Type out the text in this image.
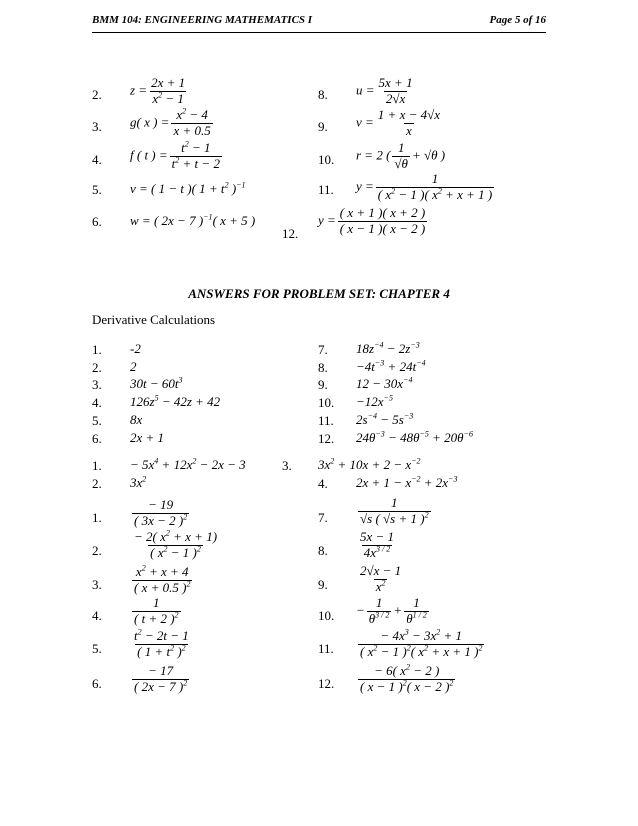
BMM 104: ENGINEERING MATHEMATICS I	Page 5 of 16
2. $z = \frac{2x + 1}{x^2 - 1}$
3. g( x ) = $\frac{x^2 - 4}{x + 0.5}$
4. f ( t ) = $\frac{t^2 - 1}{t^2 + t - 2}$
5. v = ( 1 − t )( $1 + t^2$ )$^{-1}$
6. w = ( 2x − 7 )$^{-1}$( x + 5 )
8. $u = \frac{5x + 1}{2√x}$
9. $v = \frac{1 + x - 4√x}{x}$
10. r = 2 ( $\frac{1}{√\theta} + √\theta$ )
11. $y = \frac{1}{( x^2 - 1 )( x^2 + x + 1 )}$
12.
$y = \frac{( x + 1 )( x + 2 )}{( x - 1 )( x - 2 )}$
ANSWERS FOR PROBLEM SET: CHAPTER 4
Derivative Calculations
1.
2.
3.
4.
5.
6.
7.
8.
9.
10.
11.
12.
-2
2
$30t - 60t^3$
$126z^5 - 42z + 42$
8x
2x + 1
$18z^{-4} - 2z^{-3}$
$-4t^{-3} + 24t^{-4}$
$12 - 30x^{-4}$
$-12x^{-5}$
$2s^{-4} - 5s^{-3}$
$24\theta^{-3} - 48\theta^{-5} + 20\theta^{-6}$
1. − $5x^4 + 12x^2 - 2x - 3$
2. $3x^2$
3. $3x^2 + 10x + 2 - x^{-2}$
4. $2x + 1 - x^{-2} + 2x^{-3}$
1.
2.
3.
4.
5.
6.
7.
8.
9.
10.
11.
12.
$\frac{- 19}{( 3x - 2 )^2}$
$\frac{- 2( x^2 + x + 1)}{( x^2 - 1 )^2}$
$\frac{x^2 + x + 4}{( x + 0.5 )^2}$
$\frac{1}{( t + 2 )^2}$
$\frac{t^2 - 2t - 1}{( 1 + t^2 )^2}$
$\frac{- 17}{( 2x - 7 )^2}$
$\frac{1}{√s ( √s + 1 )^2}$
$\frac{5x - 1}{4x^{3 / 2}}$
$\frac{2√x - 1}{x^2}$
− $\frac{1}{\theta^{3 / 2}} + \frac{1}{\theta^{1 / 2}}$
$\frac{- 4x^3 - 3x^2 + 1}{( x^2 - 1 )^2( x^2 + x + 1 )^2}$
$\frac{- 6( x^2 - 2 )}{( x - 1 )^2( x - 2 )^2}$
